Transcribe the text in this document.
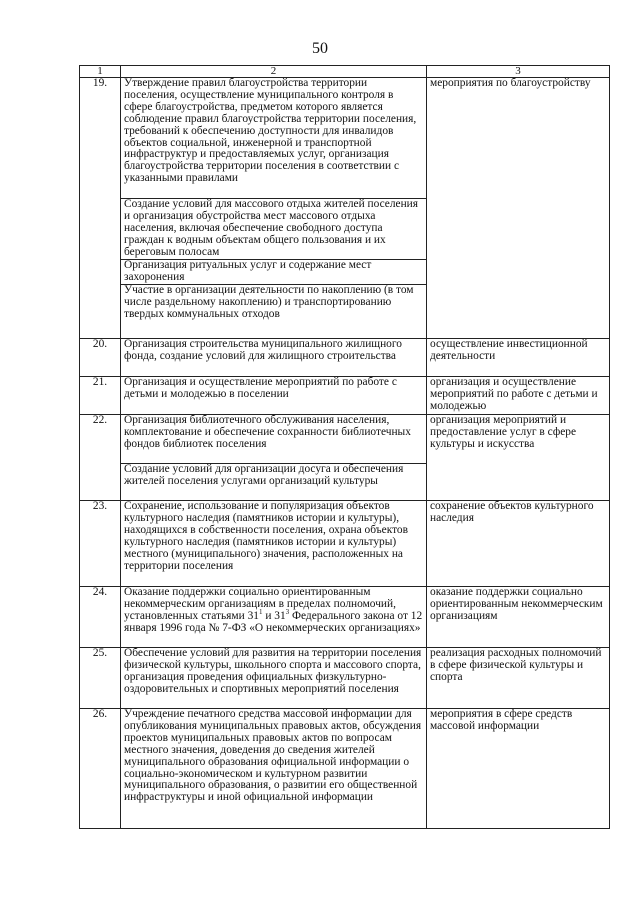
50
1	2	3
19.	Утверждение правил благоустройства территории поселения, осуществление муниципального контроля в сфере благоустройства, предметом которого является соблюдение правил благоустройства территории поселения, требований к обеспечению доступности для инвалидов объектов социальной, инженерной и транспортной инфраструктур и предоставляемых услуг, организация благоустройства территории поселения в соответствии с указанными правилами
Создание условий для массового отдыха жителей поселения и организация обустройства мест массового отдыха населения, включая обеспечение свободного доступа граждан к водным объектам общего пользования и их береговым полосам
Организация ритуальных услуг и содержание мест захоронения
Участие в организации деятельности по накоплению (в том числе раздельному накоплению) и транспортированию твердых коммунальных отходов	мероприятия по благоустройству
20.	Организация строительства муниципального жилищного фонда, создание условий для жилищного строительства	осуществление инвестиционной деятельности
21.	Организация и осуществление мероприятий по работе с детьми и молодежью в поселении	организация и осуществление мероприятий по работе с детьми и молодежью
22.	Организация библиотечного обслуживания населения, комплектование и обеспечение сохранности библиотечных фондов библиотек поселения
Создание условий для организации досуга и обеспечения жителей поселения услугами организаций культуры	организация мероприятий и предоставление услуг в сфере культуры и искусства
23.	Сохранение, использование и популяризация объектов культурного наследия (памятников истории и культуры), находящихся в собственности поселения, охрана объектов культурного наследия (памятников истории и культуры) местного (муниципального) значения, расположенных на территории поселения	сохранение объектов культурного наследия
24.	Оказание поддержки социально ориентированным некоммерческим организациям в пределах полномочий, установленных статьями $31^1$ и $31^3$ Федерального закона от 12 января 1996 года № 7-ФЗ «О некоммерческих организациях»	оказание поддержки социально ориентированным некоммерческим организациям
25.	Обеспечение условий для развития на территории поселения физической культуры, школьного спорта и массового спорта, организация проведения официальных физкультурно-оздоровительных и спортивных мероприятий поселения	реализация расходных полномочий в сфере физической культуры и спорта
26.	Учреждение печатного средства массовой информации для опубликования муниципальных правовых актов, обсуждения проектов муниципальных правовых актов по вопросам местного значения, доведения до сведения жителей муниципального образования официальной информации о социально-экономическом и культурном развитии муниципального образования, о развитии его общественной инфраструктуры и иной официальной информации	мероприятия в сфере средств массовой информации
